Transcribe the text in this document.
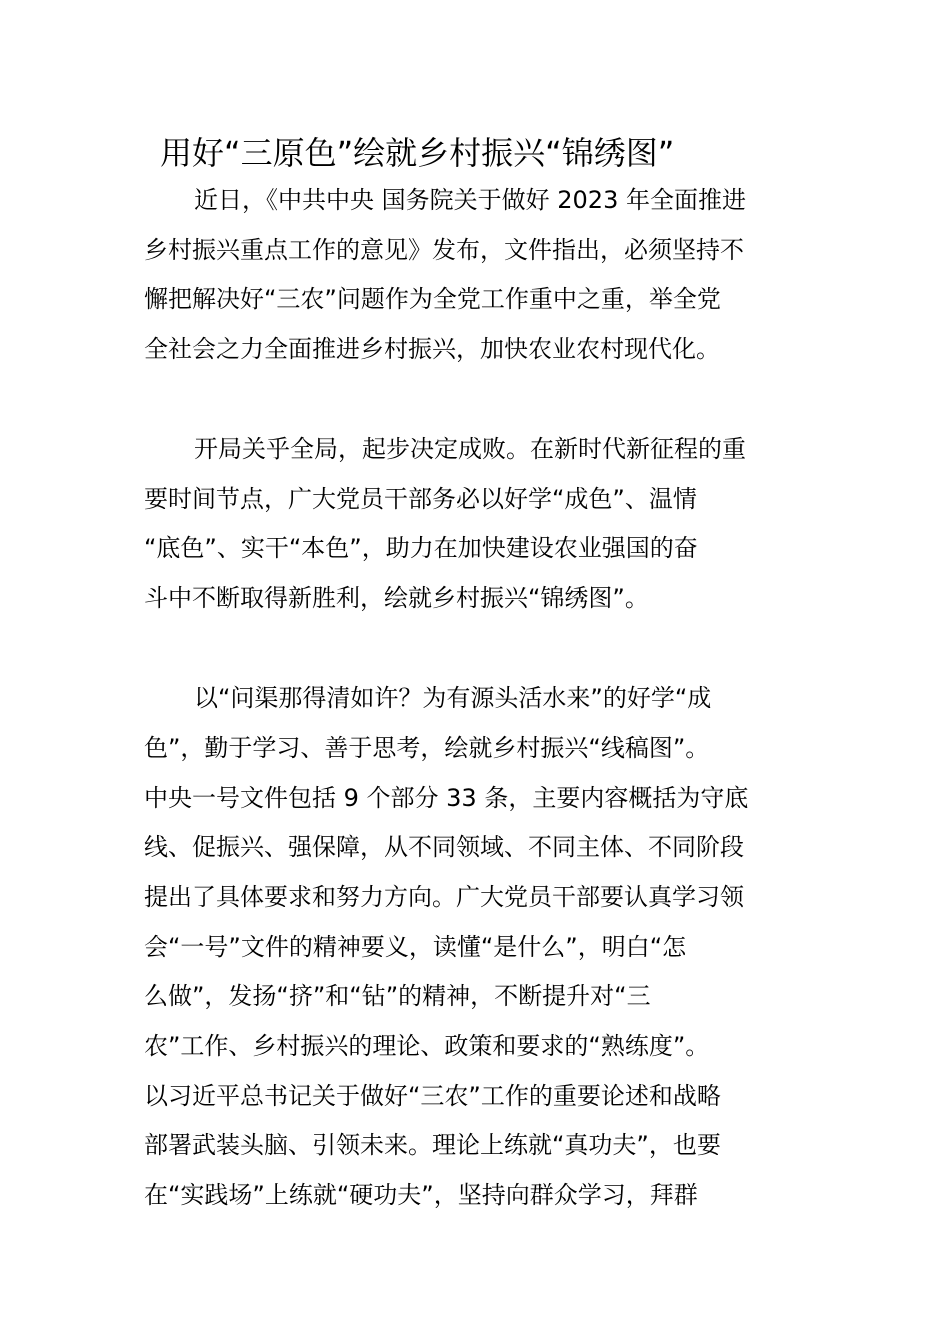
用好“三原色”绘就乡村振兴“锦绣图”
近日，《中共中央 国务院关于做好 2023 年全面推进
乡村振兴重点工作的意见》发布，文件指出，必须坚持不
懈把解决好“三农”问题作为全党工作重中之重，举全党
全社会之力全面推进乡村振兴，加快农业农村现代化。
开局关乎全局，起步决定成败。在新时代新征程的重
要时间节点，广大党员干部务必以好学“成色”、温情
“底色”、实干“本色”，助力在加快建设农业强国的奋
斗中不断取得新胜利，绘就乡村振兴“锦绣图”。
以“问渠那得清如许？为有源头活水来”的好学“成
色”，勤于学习、善于思考，绘就乡村振兴“线稿图”。
中央一号文件包括 9 个部分 33 条，主要内容概括为守底
线、促振兴、强保障，从不同领域、不同主体、不同阶段
提出了具体要求和努力方向。广大党员干部要认真学习领
会“一号”文件的精神要义，读懂“是什么”，明白“怎
么做”，发扬“挤”和“钻”的精神，不断提升对“三
农”工作、乡村振兴的理论、政策和要求的“熟练度”。
以习近平总书记关于做好“三农”工作的重要论述和战略
部署武装头脑、引领未来。理论上练就“真功夫”，也要
在“实践场”上练就“硬功夫”，坚持向群众学习，拜群
